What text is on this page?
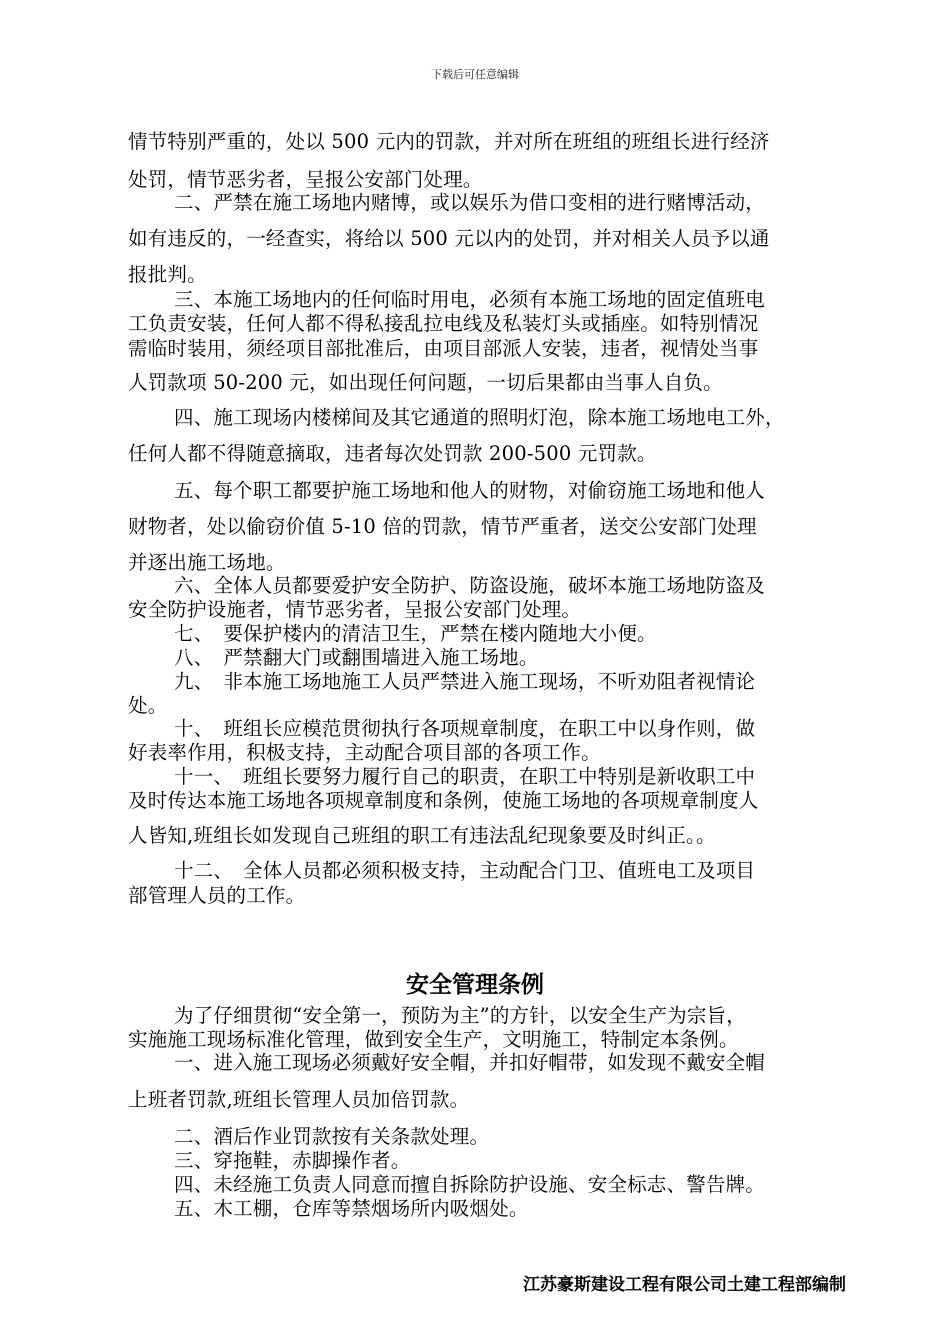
下载后可任意编辑
情节特别严重的，处以 500 元内的罚款，并对所在班组的班组长进行经济
处罚，情节恶劣者，呈报公安部门处理。
二、严禁在施工场地内赌博，或以娱乐为借口变相的进行赌博活动，
如有违反的，一经查实，将给以 500 元以内的处罚，并对相关人员予以通
报批判。
三、本施工场地内的任何临时用电，必须有本施工场地的固定值班电
工负责安装，任何人都不得私接乱拉电线及私装灯头或插座。如特别情况
需临时装用，须经项目部批准后，由项目部派人安装，违者，视情处当事
人罚款项 50-200 元，如出现任何问题，一切后果都由当事人自负。
四、施工现场内楼梯间及其它通道的照明灯泡，除本施工场地电工外，
任何人都不得随意摘取，违者每次处罚款 200-500 元罚款。
五、每个职工都要护施工场地和他人的财物，对偷窃施工场地和他人
财物者，处以偷窃价值 5-10 倍的罚款，情节严重者，送交公安部门处理
并逐出施工场地。
六、全体人员都要爱护安全防护、防盗设施，破坏本施工场地防盗及
安全防护设施者，情节恶劣者，呈报公安部门处理。
七、　要保护楼内的清洁卫生，严禁在楼内随地大小便。
八、　严禁翻大门或翻围墙进入施工场地。
九、　非本施工场地施工人员严禁进入施工现场，不听劝阻者视情论
处。
十、　班组长应模范贯彻执行各项规章制度，在职工中以身作则，做
好表率作用，积极支持，主动配合项目部的各项工作。
十一、　班组长要努力履行自己的职责，在职工中特别是新收职工中
及时传达本施工场地各项规章制度和条例，使施工场地的各项规章制度人
人皆知,班组长如发现自己班组的职工有违法乱纪现象要及时纠正。。
十二、　全体人员都必须积极支持，主动配合门卫、值班电工及项目
部管理人员的工作。
为了仔细贯彻“安全第一，预防为主”的方针，以安全生产为宗旨，
实施施工现场标准化管理，做到安全生产，文明施工，特制定本条例。
一、进入施工现场必须戴好安全帽，并扣好帽带，如发现不戴安全帽
上班者罚款,班组长管理人员加倍罚款。
二、酒后作业罚款按有关条款处理。
三、穿拖鞋，赤脚操作者。
四、未经施工负责人同意而擅自拆除防护设施、安全标志、警告牌。
五、木工棚，仓库等禁烟场所内吸烟处。
安全管理条例
江苏豪斯建设工程有限公司土建工程部编制
